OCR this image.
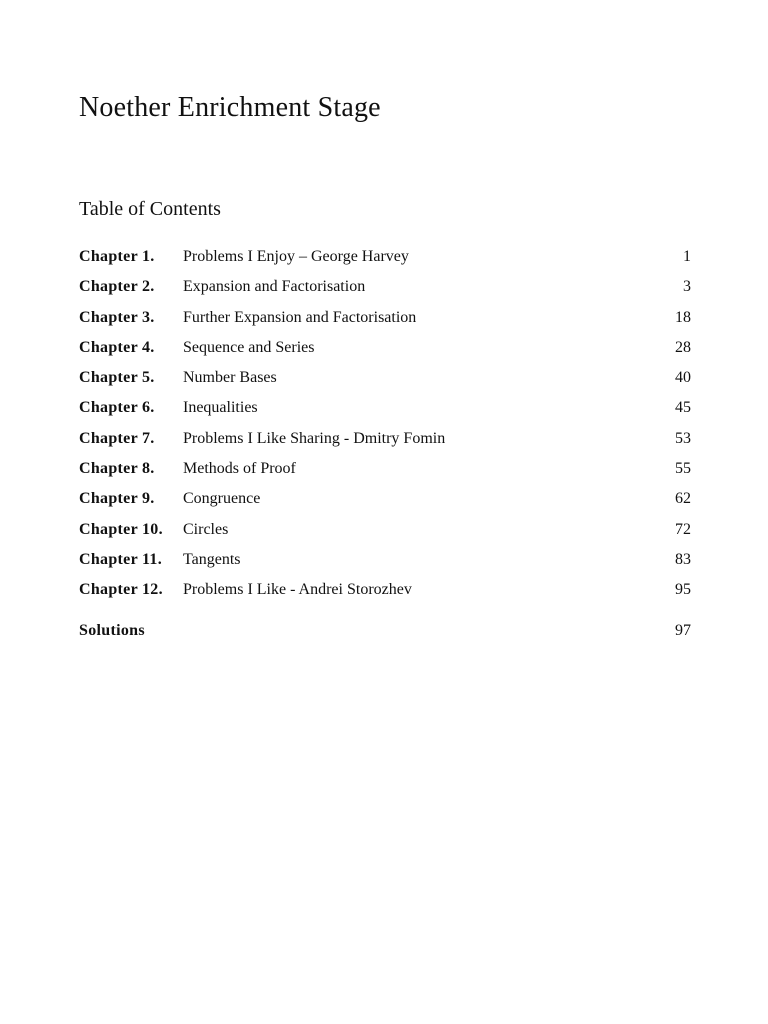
Noether Enrichment Stage
Table of Contents
Chapter 1. Problems I Enjoy – George Harvey	1
Chapter 2. Expansion and Factorisation	3
Chapter 3. Further Expansion and Factorisation	18
Chapter 4. Sequence and Series	28
Chapter 5. Number Bases	40
Chapter 6. Inequalities	45
Chapter 7. Problems I Like Sharing - Dmitry Fomin	53
Chapter 8. Methods of Proof	55
Chapter 9. Congruence	62
Chapter 10. Circles	72
Chapter 11. Tangents	83
Chapter 12. Problems I Like - Andrei Storozhev	95
Solutions	97
